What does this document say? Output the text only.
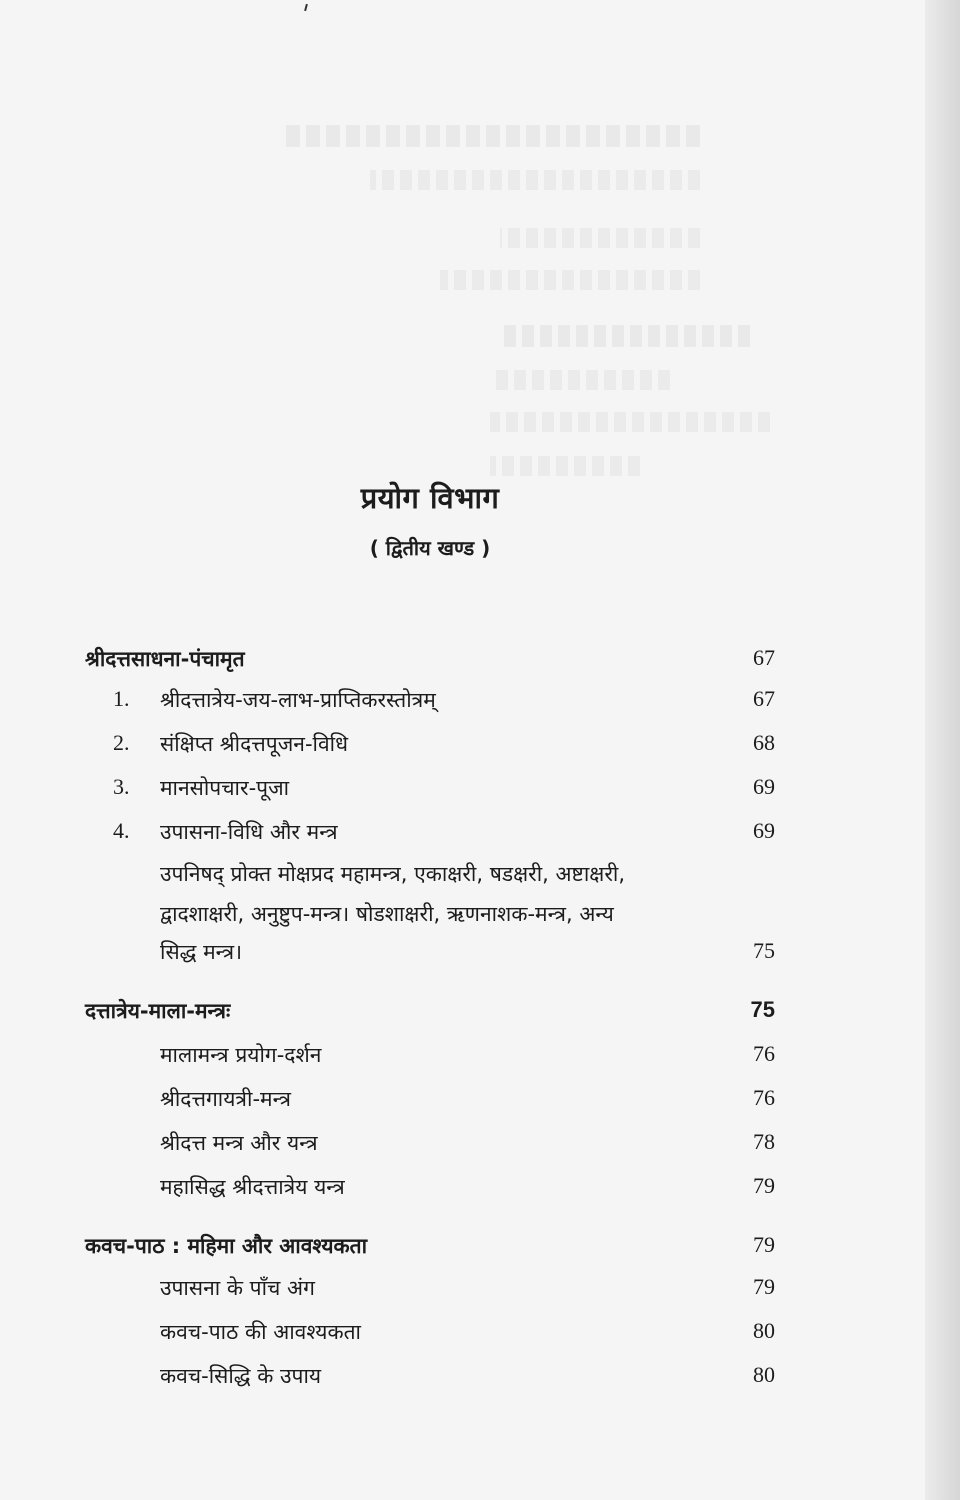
प्रयोग विभाग
( द्वितीय खण्ड )
श्रीदत्तसाधना-पंचामृत	67
1. श्रीदत्तात्रेय-जय-लाभ-प्राप्तिकरस्तोत्रम्	67
2. संक्षिप्त श्रीदत्तपूजन-विधि	68
3. मानसोपचार-पूजा	69
4. उपासना-विधि और मन्त्र	69
उपनिषद् प्रोक्त मोक्षप्रद महामन्त्र, एकाक्षरी, षडक्षरी, अष्टाक्षरी,
द्वादशाक्षरी, अनुष्टुप-मन्त्र। षोडशाक्षरी, ऋणनाशक-मन्त्र, अन्य
सिद्ध मन्त्र।	75
दत्तात्रेय-माला-मन्त्रः	75
मालामन्त्र प्रयोग-दर्शन	76
श्रीदत्तगायत्री-मन्त्र	76
श्रीदत्त मन्त्र और यन्त्र	78
महासिद्ध श्रीदत्तात्रेय यन्त्र	79
कवच-पाठ : महिमा और आवश्यकता	79
उपासना के पाँच अंग	79
कवच-पाठ की आवश्यकता	80
कवच-सिद्धि के उपाय	80
